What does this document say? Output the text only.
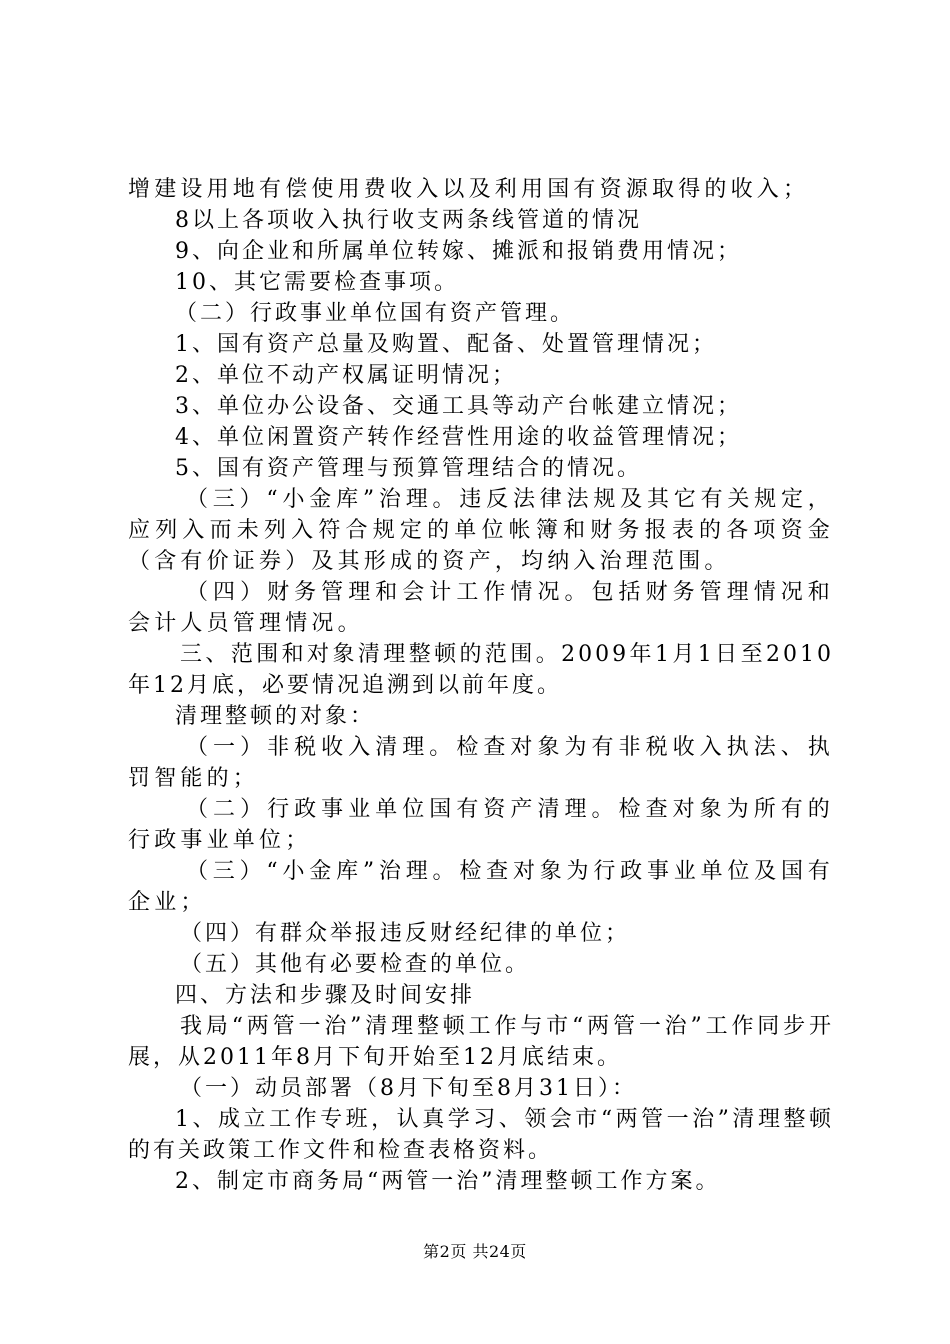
增建设用地有偿使用费收入以及利用国有资源取得的收入；

8以上各项收入执行收支两条线管道的情况

9、向企业和所属单位转嫁、摊派和报销费用情况；

10、其它需要检查事项。

（二）行政事业单位国有资产管理。

1、国有资产总量及购置、配备、处置管理情况；

2、单位不动产权属证明情况；

3、单位办公设备、交通工具等动产台帐建立情况；

4、单位闲置资产转作经营性用途的收益管理情况；

5、国有资产管理与预算管理结合的情况。

（三）“小金库”治理。违反法律法规及其它有关规定，应列入而未列入符合规定的单位帐簿和财务报表的各项资金（含有价证券）及其形成的资产，均纳入治理范围。

（四）财务管理和会计工作情况。包括财务管理情况和会计人员管理情况。

三、范围和对象清理整顿的范围。2009年1月1日至2010年12月底，必要情况追溯到以前年度。

清理整顿的对象：

（一）非税收入清理。检查对象为有非税收入执法、执罚智能的；

（二）行政事业单位国有资产清理。检查对象为所有的行政事业单位；

（三）“小金库”治理。检查对象为行政事业单位及国有企业；

（四）有群众举报违反财经纪律的单位；

（五）其他有必要检查的单位。

四、方法和步骤及时间安排

我局“两管一治”清理整顿工作与市“两管一治”工作同步开展，从2011年8月下旬开始至12月底结束。

（一）动员部署（8月下旬至8月31日）：

1、成立工作专班，认真学习、领会市“两管一治”清理整顿的有关政策工作文件和检查表格资料。

2、制定市商务局“两管一治”清理整顿工作方案。

第2页 共24页
